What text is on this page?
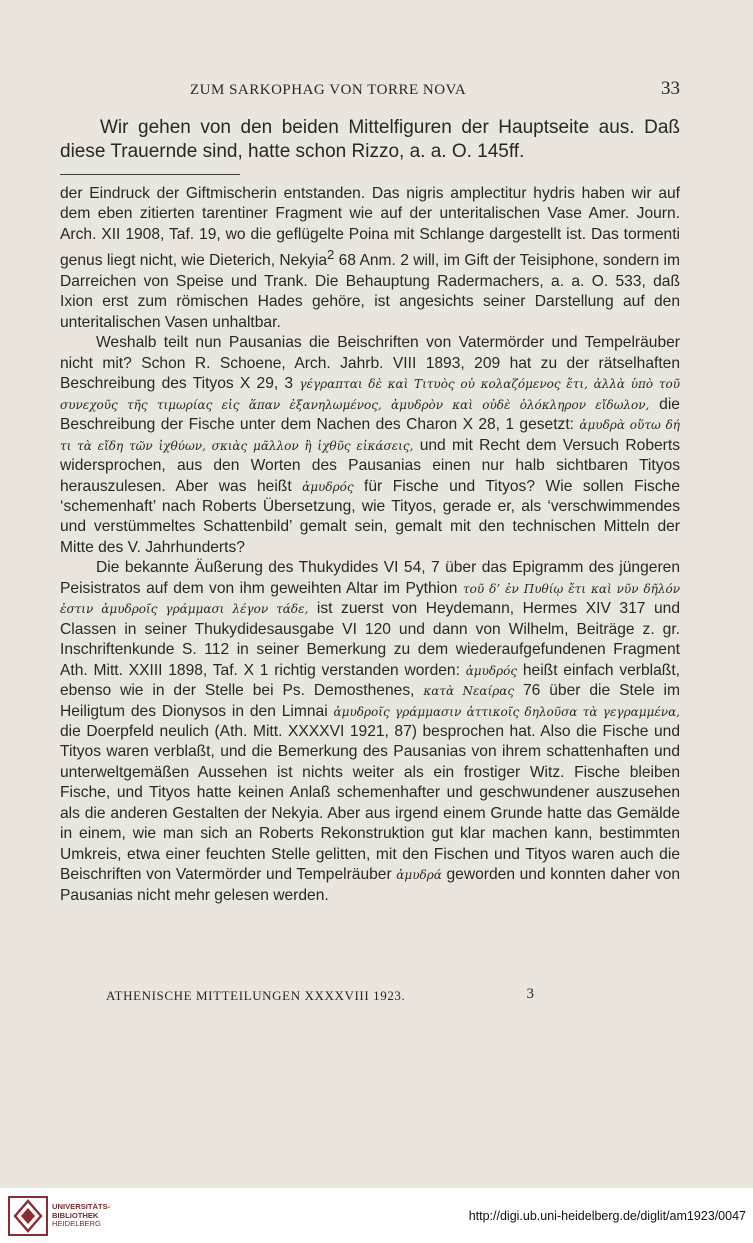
ZUM SARKOPHAG VON TORRE NOVA	33

Wir gehen von den beiden Mittelfiguren der Hauptseite aus. Daß diese Trauernde sind, hatte schon Rizzo, a. a. O. 145ff.

der Eindruck der Giftmischerin entstanden. Das nigris amplectitur hydris haben wir auf dem eben zitierten tarentiner Fragment wie auf der unteritalischen Vase Amer. Journ. Arch. XII 1908, Taf. 19, wo die geflügelte Poina mit Schlange dargestellt ist. Das tormenti genus liegt nicht, wie Dieterich, Nekyia$^2$ 68 Anm. 2 will, im Gift der Teisiphone, sondern im Darreichen von Speise und Trank. Die Behauptung Radermachers, a. a. O. 533, daß Ixion erst zum römischen Hades gehöre, ist angesichts seiner Darstellung auf den unteritalischen Vasen unhaltbar.

Weshalb teilt nun Pausanias die Beischriften von Vatermörder und Tempelräuber nicht mit? Schon R. Schoene, Arch. Jahrb. VIII 1893, 209 hat zu der rätselhaften Beschreibung des Tityos X 29, 3 γέγραπται δὲ καὶ Τιτυὸς οὐ κολαζόμενος ἔτι, ἀλλὰ ὑπὸ τοῦ συνεχοῦς τῆς τιμωρίας εἰς ἅπαν ἐξανηλωμένος, ἀμυδρὸν καὶ οὐδὲ ὁλόκληρον εἴδωλον, die Beschreibung der Fische unter dem Nachen des Charon X 28, 1 gesetzt: ἀμυδρὰ οὕτω δή τι τὰ εἴδη τῶν ἰχθύων, σκιὰς μᾶλλον ἢ ἰχθῦς εἰκάσεις, und mit Recht dem Versuch Roberts widersprochen, aus den Worten des Pausanias einen nur halb sichtbaren Tityos herauszulesen. Aber was heißt ἀμυδρός für Fische und Tityos? Wie sollen Fische ‘schemenhaft’ nach Roberts Übersetzung, wie Tityos, gerade er, als ‘verschwimmendes und verstümmeltes Schattenbild’ gemalt sein, gemalt mit den technischen Mitteln der Mitte des V. Jahrhunderts?

Die bekannte Äußerung des Thukydides VI 54, 7 über das Epigramm des jüngeren Peisistratos auf dem von ihm geweihten Altar im Pythion τοῦ δ’ ἐν Πυθίῳ ἔτι καὶ νῦν δῆλόν ἐστιν ἀμυδροῖς γράμμασι λέγον τάδε, ist zuerst von Heydemann, Hermes XIV 317 und Classen in seiner Thukydidesausgabe VI 120 und dann von Wilhelm, Beiträge z. gr. Inschriftenkunde S. 112 in seiner Bemerkung zu dem wiederaufgefundenen Fragment Ath. Mitt. XXIII 1898, Taf. X 1 richtig verstanden worden: ἀμυδρός heißt einfach verblaßt, ebenso wie in der Stelle bei Ps. Demosthenes, κατὰ Νεαίρας 76 über die Stele im Heiligtum des Dionysos in den Limnai ἀμυδροῖς γράμμασιν ἀττικοῖς δηλοῦσα τὰ γεγραμμένα, die Doerpfeld neulich (Ath. Mitt. XXXXVI 1921, 87) besprochen hat. Also die Fische und Tityos waren verblaßt, und die Bemerkung des Pausanias von ihrem schattenhaften und unterweltgemäßen Aussehen ist nichts weiter als ein frostiger Witz. Fische bleiben Fische, und Tityos hatte keinen Anlaß schemenhafter und geschwundener auszusehen als die anderen Gestalten der Nekyia. Aber aus irgend einem Grunde hatte das Gemälde in einem, wie man sich an Roberts Rekonstruktion gut klar machen kann, bestimmten Umkreis, etwa einer feuchten Stelle gelitten, mit den Fischen und Tityos waren auch die Beischriften von Vatermörder und Tempelräuber ἀμυδρά geworden und konnten daher von Pausanias nicht mehr gelesen werden.

ATHENISCHE MITTEILUNGEN XXXXVIII 1923.	3
UNIVERSITÄTS-
BIBLIOTHEK
HEIDELBERG
http://digi.ub.uni-heidelberg.de/diglit/am1923/0047
